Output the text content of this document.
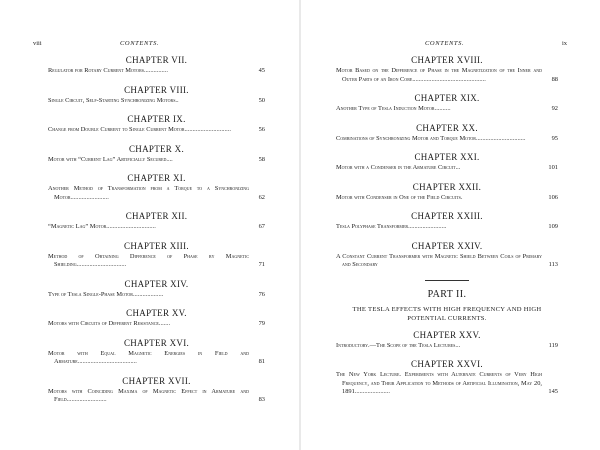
viii	CONTENTS.
CHAPTER VII.
Regulator for Rotary Current Motors...............	45
CHAPTER VIII.
Single Circuit, Self-Starting Synchronizing Motors..	50
CHAPTER IX.
Change from Double Current to Single Current Motor.............................	56
CHAPTER X.
Motor with “Current Lag” Artificially Secured....	58
CHAPTER XI.
Another Method of Transformation from a Torque to a Synchronizing Motor........................	62
CHAPTER XII.
“Magnetic Lag” Motor...............................	67
CHAPTER XIII.
Method of Obtaining Difference of Phase by Magnetic Shielding...............................	71
CHAPTER XIV.
Type of Tesla Single-Phase Motor...................	76
CHAPTER XV.
Motors with Circuits of Different Resistance.......	79
CHAPTER XVI.
Motor with Equal Magnetic Energies in Field and Armature.....................................	81
CHAPTER XVII.
Motors with Coinciding Maxima of Magnetic Effect in Armature and Field.........................	83
CONTENTS.	ix
CHAPTER XVIII.
Motor Based on the Difference of Phase in the Magnetization of the Inner and Outer Parts of an Iron Core..............................................	88
CHAPTER XIX.
Another Type of Tesla Induction Motor..........	92
CHAPTER XX.
Combinations of Synchronizing Motor and Torque Motor...............................	95
CHAPTER XXI.
Motor with a Condenser in the Armature Circuit...	101
CHAPTER XXII.
Motor with Condenser in One of the Field Circuits.	106
CHAPTER XXIII.
Tesla Polyphase Transformer........................	109
CHAPTER XXIV.
A Constant Current Transformer with Magnetic Shield Between Coils of Primary and Secondary	113
PART II.
THE TESLA EFFECTS WITH HIGH FREQUENCY AND HIGH POTENTIAL CURRENTS.
CHAPTER XXV.
Introductory.—The Scope of the Tesla Lectures...	119
CHAPTER XXVI.
The New York Lecture. Experiments with Alternate Currents of Very High Frequency, and Their Application to Methods of Artificial Illumination, May 20, 1891......................	145
